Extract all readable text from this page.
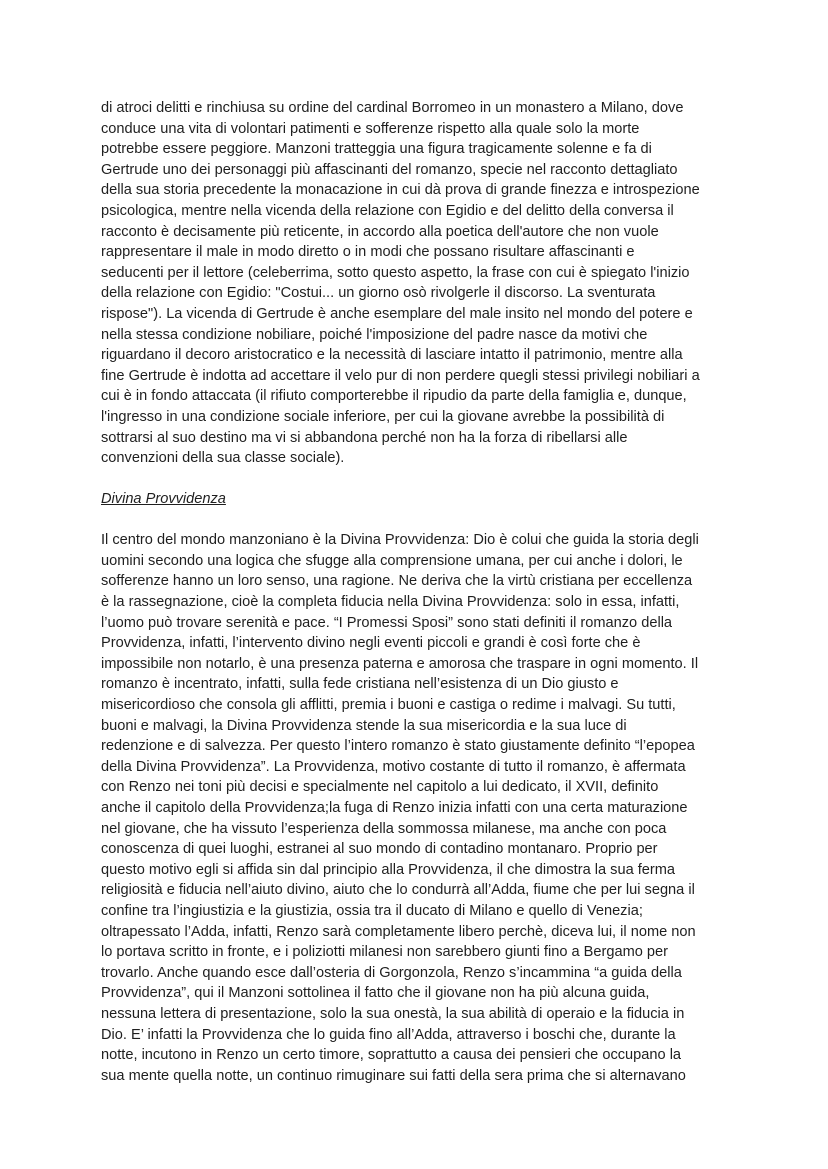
di atroci delitti e rinchiusa su ordine del cardinal Borromeo in un monastero a Milano, dove
conduce una vita di volontari patimenti e sofferenze rispetto alla quale solo la morte
potrebbe essere peggiore. Manzoni tratteggia una figura tragicamente solenne e fa di
Gertrude uno dei personaggi più affascinanti del romanzo, specie nel racconto dettagliato
della sua storia precedente la monacazione in cui dà prova di grande finezza e introspezione
psicologica, mentre nella vicenda della relazione con Egidio e del delitto della conversa il
racconto è decisamente più reticente, in accordo alla poetica dell'autore che non vuole
rappresentare il male in modo diretto o in modi che possano risultare affascinanti e
seducenti per il lettore (celeberrima, sotto questo aspetto, la frase con cui è spiegato l'inizio
della relazione con Egidio: "Costui... un giorno osò rivolgerle il discorso. La sventurata
rispose"). La vicenda di Gertrude è anche esemplare del male insito nel mondo del potere e
nella stessa condizione nobiliare, poiché l'imposizione del padre nasce da motivi che
riguardano il decoro aristocratico e la necessità di lasciare intatto il patrimonio, mentre alla
fine Gertrude è indotta ad accettare il velo pur di non perdere quegli stessi privilegi nobiliari a
cui è in fondo attaccata (il rifiuto comporterebbe il ripudio da parte della famiglia e, dunque,
l'ingresso in una condizione sociale inferiore, per cui la giovane avrebbe la possibilità di
sottrarsi al suo destino ma vi si abbandona perché non ha la forza di ribellarsi alle
convenzioni della sua classe sociale).
Divina Provvidenza
Il centro del mondo manzoniano è la Divina Provvidenza: Dio è colui che guida la storia degli
uomini secondo una logica che sfugge alla comprensione umana, per cui anche i dolori, le
sofferenze hanno un loro senso, una ragione. Ne deriva che la virtù cristiana per eccellenza
è la rassegnazione, cioè la completa fiducia nella Divina Provvidenza: solo in essa, infatti,
l’uomo può trovare serenità e pace. “I Promessi Sposi” sono stati definiti il romanzo della
Provvidenza, infatti, l’intervento divino negli eventi piccoli e grandi è così forte che è
impossibile non notarlo, è una presenza paterna e amorosa che traspare in ogni momento. Il
romanzo è incentrato, infatti, sulla fede cristiana nell’esistenza di un Dio giusto e
misericordioso che consola gli afflitti, premia i buoni e castiga o redime i malvagi. Su tutti,
buoni e malvagi, la Divina Provvidenza stende la sua misericordia e la sua luce di
redenzione e di salvezza. Per questo l’intero romanzo è stato giustamente definito “l’epopea
della Divina Provvidenza”. La Provvidenza, motivo costante di tutto il romanzo, è affermata
con Renzo nei toni più decisi e specialmente nel capitolo a lui dedicato, il XVII, definito
anche il capitolo della Provvidenza;la fuga di Renzo inizia infatti con una certa maturazione
nel giovane, che ha vissuto l’esperienza della sommossa milanese, ma anche con poca
conoscenza di quei luoghi, estranei al suo mondo di contadino montanaro. Proprio per
questo motivo egli si affida sin dal principio alla Provvidenza, il che dimostra la sua ferma
religiosità e fiducia nell’aiuto divino, aiuto che lo condurrà all’Adda, fiume che per lui segna il
confine tra l’ingiustizia e la giustizia, ossia tra il ducato di Milano e quello di Venezia;
oltrapessato l’Adda, infatti, Renzo sarà completamente libero perchè, diceva lui, il nome non
lo portava scritto in fronte, e i poliziotti milanesi non sarebbero giunti fino a Bergamo per
trovarlo. Anche quando esce dall’osteria di Gorgonzola, Renzo s’incammina “a guida della
Provvidenza”, qui il Manzoni sottolinea il fatto che il giovane non ha più alcuna guida,
nessuna lettera di presentazione, solo la sua onestà, la sua abilità di operaio e la fiducia in
Dio. E’ infatti la Provvidenza che lo guida fino all’Adda, attraverso i boschi che, durante la
notte, incutono in Renzo un certo timore, soprattutto a causa dei pensieri che occupano la
sua mente quella notte, un continuo rimuginare sui fatti della sera prima che si alternavano
